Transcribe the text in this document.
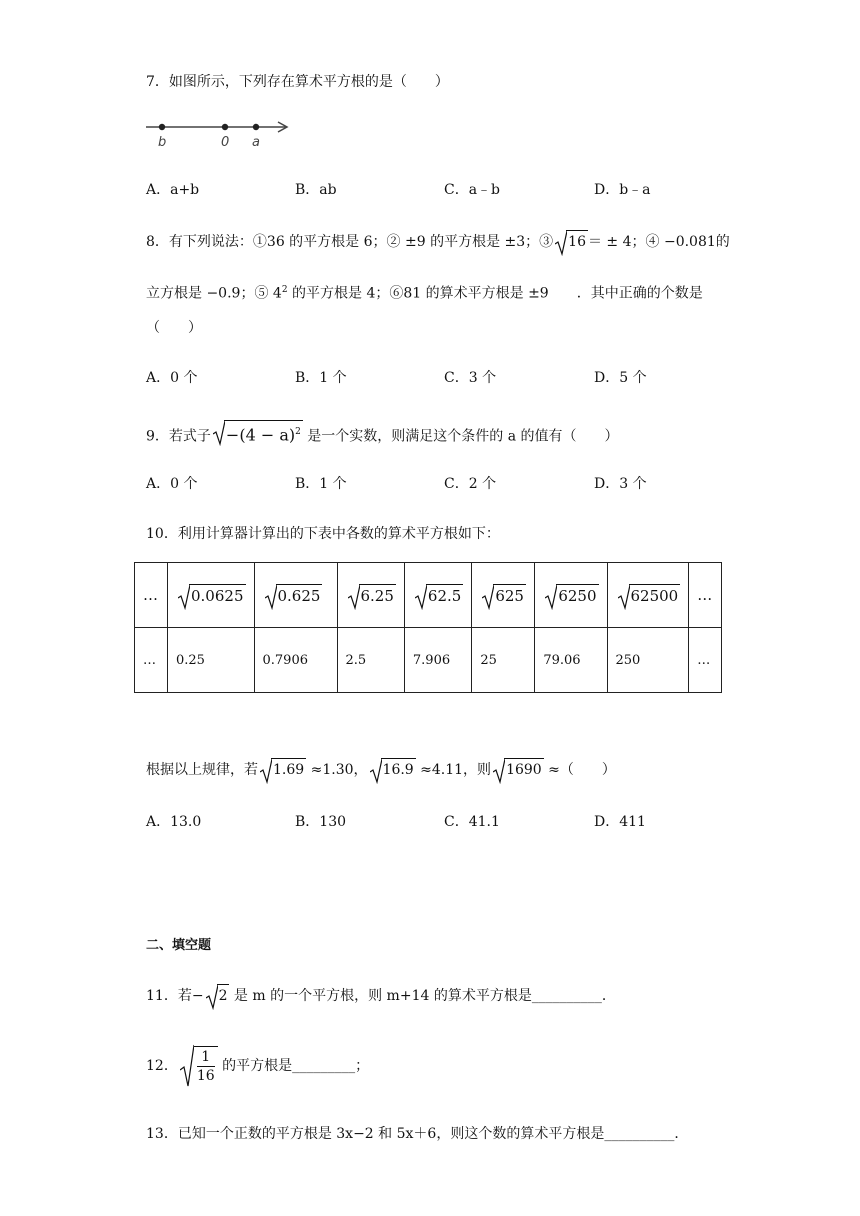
7．如图所示，下列存在算术平方根的是（　　）
b	0 a
A．a+b	B．ab	C．a﹣b	D．b﹣a
8．有下列说法：①36 的平方根是 6；② ±9 的平方根是 ±3；③ 16 ＝ ± 4；④ −0.081的
立方根是 −0.9；⑤ $4^2$ 的平方根是 4；⑥81 的算术平方根是 ±9　　．其中正确的个数是
（　　）
A．0 个	B．1 个	C．3 个	D．5 个
9．若式子 $-(4 - a)^2$ 是一个实数，则满足这个条件的 a 的值有（　　）
A．0 个	B．1 个	C．2 个	D．3 个
10．利用计算器计算出的下表中各数的算术平方根如下：
…	0.0625	0.625	6.25	62.5	625	6250	62500	…
…	0.25	0.7906	2.5	7.906	25	79.06	250	…
根据以上规律，若 1.69 ≈1.30， 16.9 ≈4.11，则 1690 ≈（　　）
A．13.0	B．130	C．41.1	D．411
二、填空题
11．若− 2 是 m 的一个平方根，则 m+14 的算术平方根是__________．
12． $\frac{1}{16}$ 的平方根是_________；
13．已知一个正数的平方根是 3x−2 和 5x＋6，则这个数的算术平方根是__________．
